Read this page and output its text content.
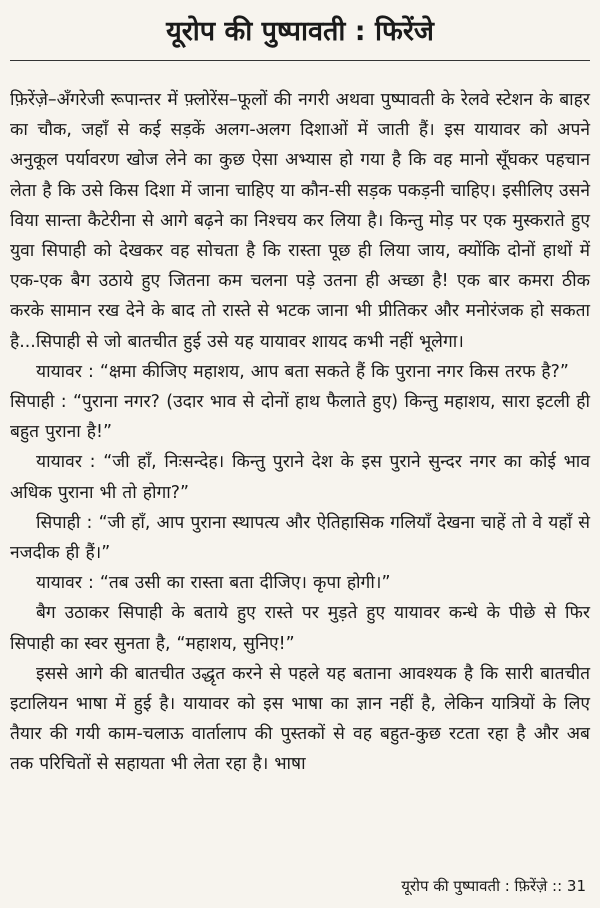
यूरोप की पुष्पावती : फिरेंजे

फ़िरेंज़े–अँगरेजी रूपान्तर में फ़्लोरेंस–फूलों की नगरी अथवा पुष्पावती के रेलवे स्टेशन के बाहर का चौक, जहाँ से कई सड़कें अलग-अलग दिशाओं में जाती हैं। इस यायावर को अपने अनुकूल पर्यावरण खोज लेने का कुछ ऐसा अभ्यास हो गया है कि वह मानो सूँघकर पहचान लेता है कि उसे किस दिशा में जाना चाहिए या कौन-सी सड़क पकड़नी चाहिए। इसीलिए उसने विया सान्ता कैटेरीना से आगे बढ़ने का निश्चय कर लिया है। किन्तु मोड़ पर एक मुस्कराते हुए युवा सिपाही को देखकर वह सोचता है कि रास्ता पूछ ही लिया जाय, क्योंकि दोनों हाथों में एक-एक बैग उठाये हुए जितना कम चलना पड़े उतना ही अच्छा है! एक बार कमरा ठीक करके सामान रख देने के बाद तो रास्ते से भटक जाना भी प्रीतिकर और मनोरंजक हो सकता है...सिपाही से जो बातचीत हुई उसे यह यायावर शायद कभी नहीं भूलेगा।

यायावर : “क्षमा कीजिए महाशय, आप बता सकते हैं कि पुराना नगर किस तरफ है?”

सिपाही : “पुराना नगर? (उदार भाव से दोनों हाथ फैलाते हुए) किन्तु महाशय, सारा इटली ही बहुत पुराना है!”

यायावर : “जी हाँ, निःसन्देह। किन्तु पुराने देश के इस पुराने सुन्दर नगर का कोई भाव अधिक पुराना भी तो होगा?”

सिपाही : “जी हाँ, आप पुराना स्थापत्य और ऐतिहासिक गलियाँ देखना चाहें तो वे यहाँ से नजदीक ही हैं।”

यायावर : “तब उसी का रास्ता बता दीजिए। कृपा होगी।”

बैग उठाकर सिपाही के बताये हुए रास्ते पर मुड़ते हुए यायावर कन्धे के पीछे से फिर सिपाही का स्वर सुनता है, “महाशय, सुनिए!”

इससे आगे की बातचीत उद्धृत करने से पहले यह बताना आवश्यक है कि सारी बातचीत इटालियन भाषा में हुई है। यायावर को इस भाषा का ज्ञान नहीं है, लेकिन यात्रियों के लिए तैयार की गयी काम-चलाऊ वार्तालाप की पुस्तकों से वह बहुत-कुछ रटता रहा है और अब तक परिचितों से सहायता भी लेता रहा है। भाषा

यूरोप की पुष्पावती : फ़िरेंज़े :: 31
